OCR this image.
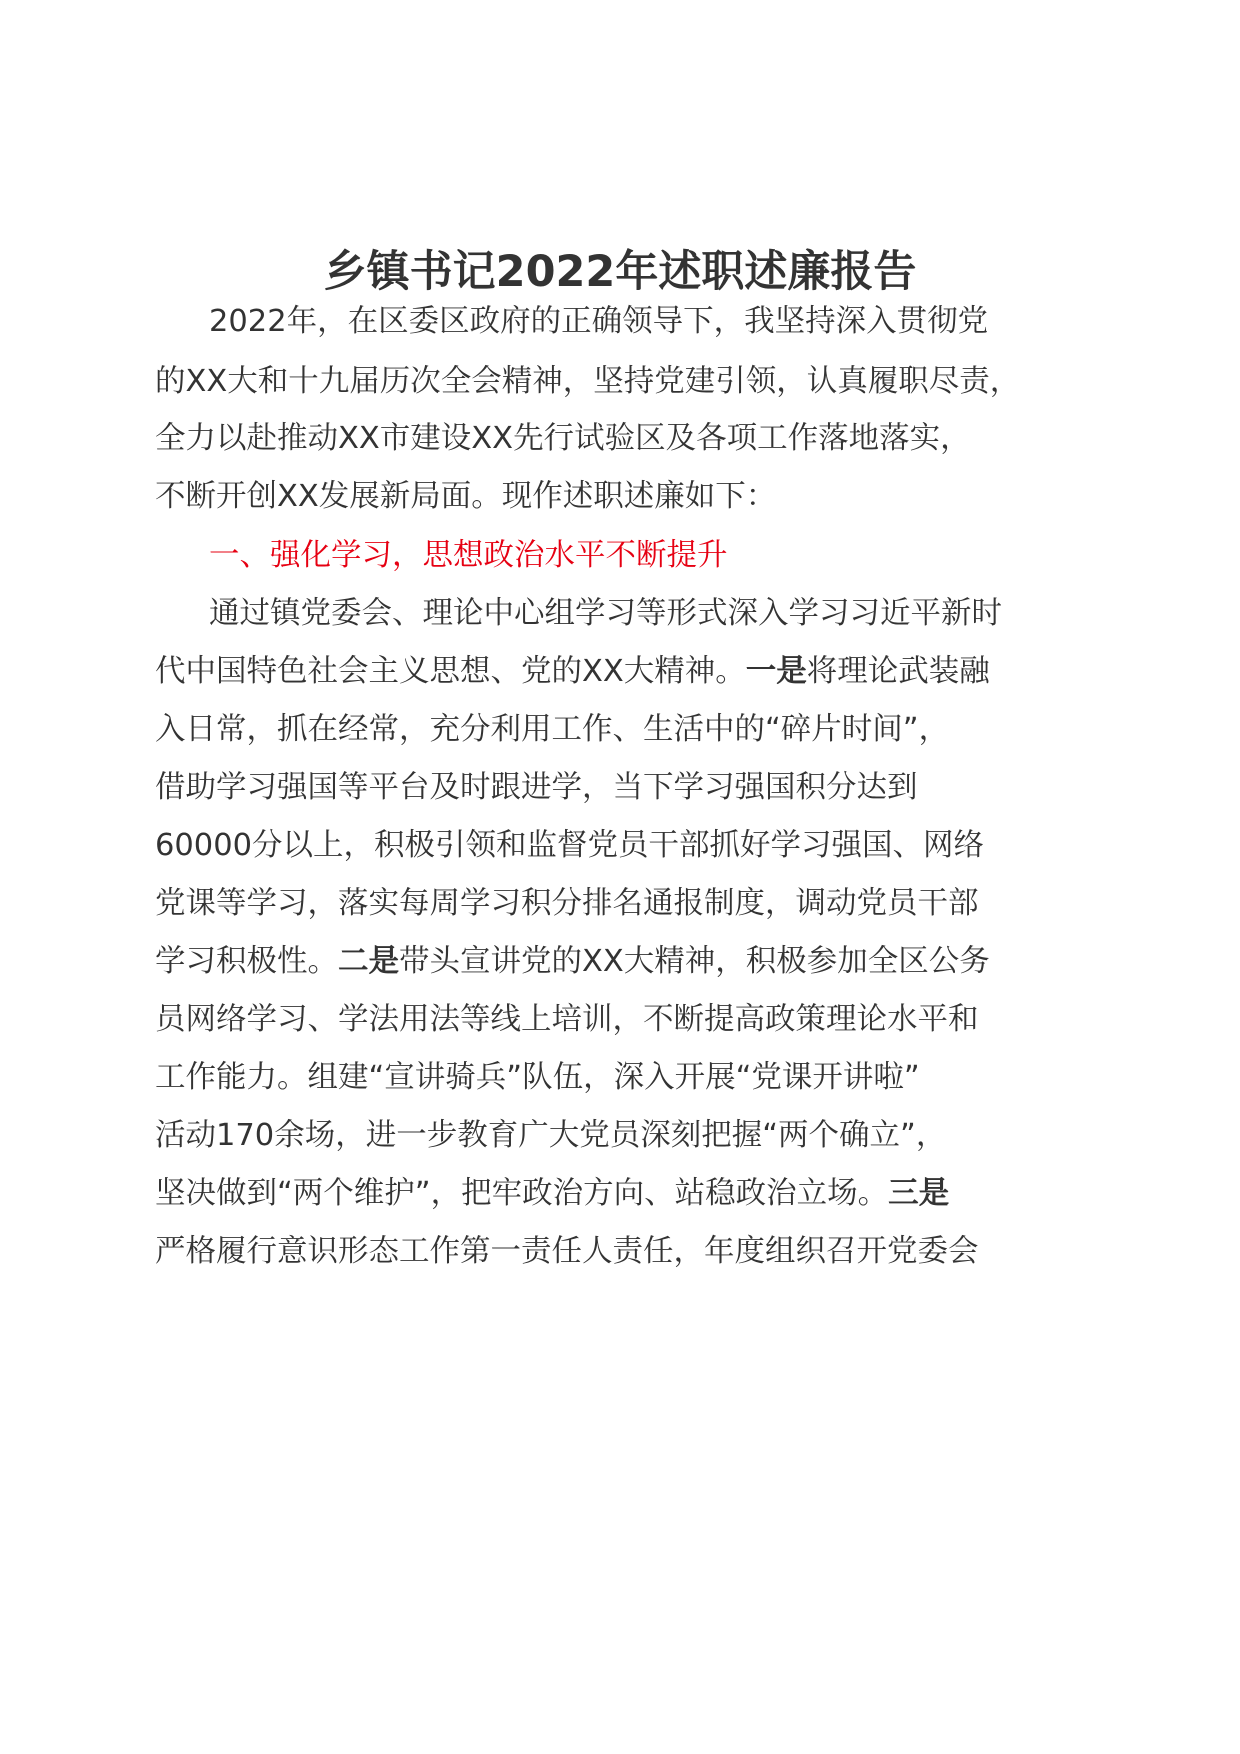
乡镇书记2022年述职述廉报告
2022年，在区委区政府的正确领导下，我坚持深入贯彻党
的XX大和十九届历次全会精神，坚持党建引领，认真履职尽责，
全力以赴推动XX市建设XX先行试验区及各项工作落地落实，
不断开创XX发展新局面。现作述职述廉如下：
一、强化学习，思想政治水平不断提升
通过镇党委会、理论中心组学习等形式深入学习习近平新时
代中国特色社会主义思想、党的XX大精神。一是将理论武装融
入日常，抓在经常，充分利用工作、生活中的“碎片时间”，
借助学习强国等平台及时跟进学，当下学习强国积分达到
60000分以上，积极引领和监督党员干部抓好学习强国、网络
党课等学习，落实每周学习积分排名通报制度，调动党员干部
学习积极性。二是带头宣讲党的XX大精神，积极参加全区公务
员网络学习、学法用法等线上培训，不断提高政策理论水平和
工作能力。组建“宣讲骑兵”队伍，深入开展“党课开讲啦”
活动170余场，进一步教育广大党员深刻把握“两个确立”，
坚决做到“两个维护”，把牢政治方向、站稳政治立场。三是
严格履行意识形态工作第一责任人责任，年度组织召开党委会
